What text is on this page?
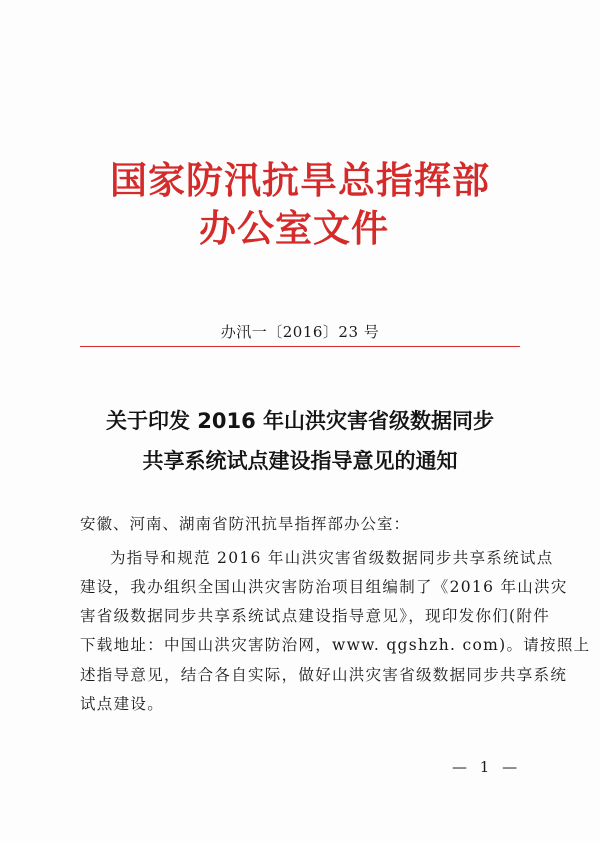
国家防汛抗旱总指挥部
办公室文件
办汛一〔2016〕23 号
关于印发 2016 年山洪灾害省级数据同步
共享系统试点建设指导意见的通知
安徽、河南、湖南省防汛抗旱指挥部办公室：
为指导和规范 2016 年山洪灾害省级数据同步共享系统试点
建设，我办组织全国山洪灾害防治项目组编制了《2016 年山洪灾
害省级数据同步共享系统试点建设指导意见》，现印发你们(附件
下载地址：中国山洪灾害防治网，www. qgshzh. com)。请按照上
述指导意见，结合各自实际，做好山洪灾害省级数据同步共享系统
试点建设。
— 1 —
